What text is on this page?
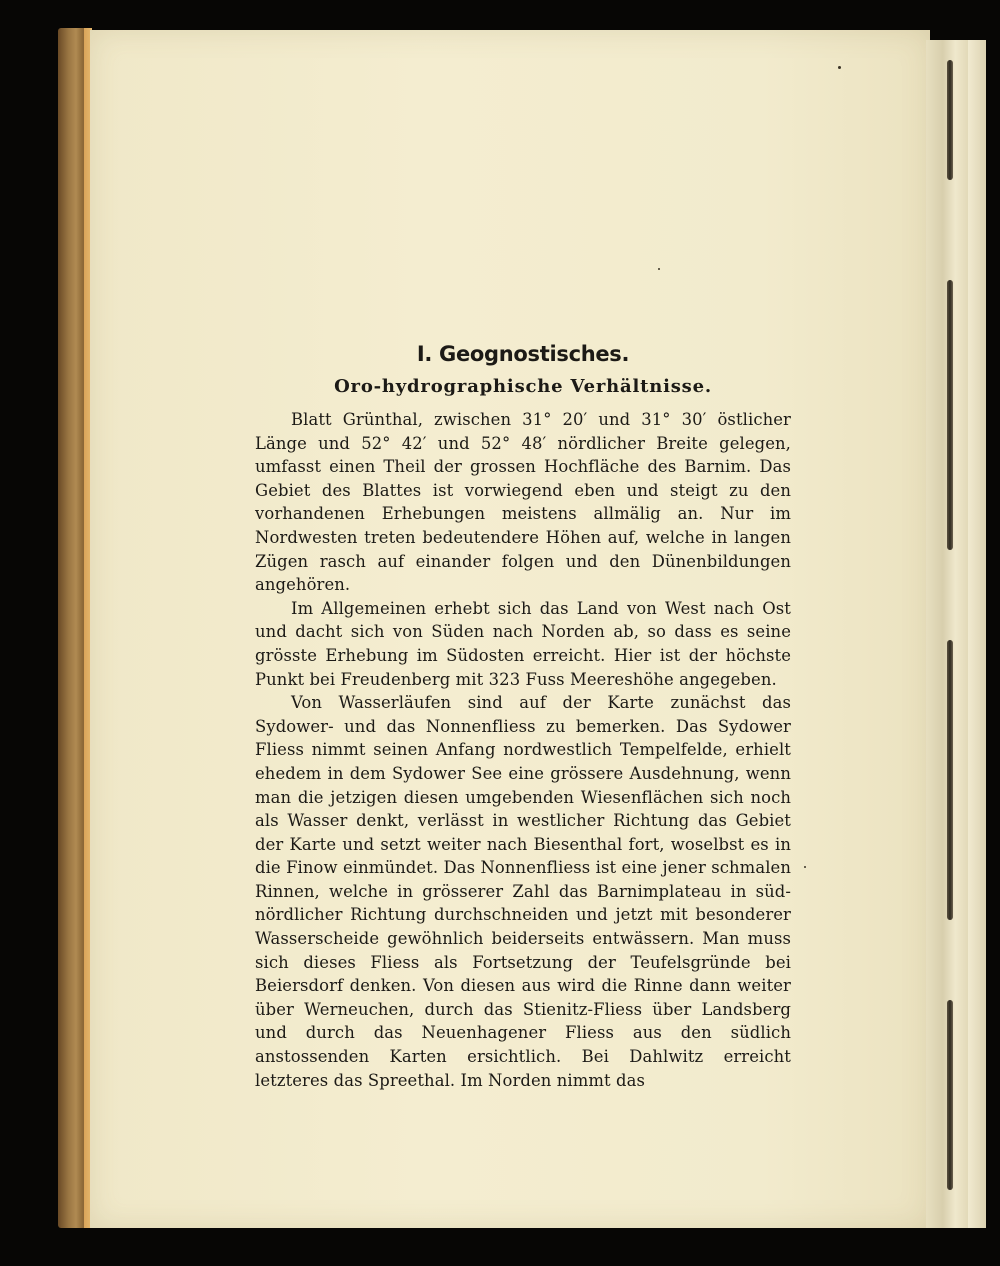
I. Geognostisches.
Oro-hydrographische Verhältnisse.

Blatt Grünthal, zwischen 31° 20′ und 31° 30′ östlicher Länge und 52° 42′ und 52° 48′ nördlicher Breite gelegen, umfasst einen Theil der grossen Hochfläche des Barnim. Das Gebiet des Blattes ist vorwiegend eben und steigt zu den vorhandenen Erhebungen meistens allmälig an. Nur im Nordwesten treten bedeutendere Höhen auf, welche in langen Zügen rasch auf einander folgen und den Dünenbildungen angehören.

Im Allgemeinen erhebt sich das Land von West nach Ost und dacht sich von Süden nach Norden ab, so dass es seine grösste Erhebung im Südosten erreicht. Hier ist der höchste Punkt bei Freudenberg mit 323 Fuss Meereshöhe angegeben.

Von Wasserläufen sind auf der Karte zunächst das Sydower- und das Nonnenfliess zu bemerken. Das Sydower Fliess nimmt seinen Anfang nordwestlich Tempelfelde, erhielt ehedem in dem Sydower See eine grössere Ausdehnung, wenn man die jetzigen diesen umgebenden Wiesenflächen sich noch als Wasser denkt, verlässt in westlicher Richtung das Gebiet der Karte und setzt weiter nach Biesenthal fort, woselbst es in die Finow einmündet. Das Nonnenfliess ist eine jener schmalen Rinnen, welche in grösserer Zahl das Barnimplateau in süd-nördlicher Richtung durchschneiden und jetzt mit besonderer Wasserscheide gewöhnlich beiderseits entwässern. Man muss sich dieses Fliess als Fortsetzung der Teufelsgründe bei Beiersdorf denken. Von diesen aus wird die Rinne dann weiter über Werneuchen, durch das Stienitz-Fliess über Landsberg und durch das Neuenhagener Fliess aus den südlich anstossenden Karten ersichtlich. Bei Dahlwitz erreicht letzteres das Spreethal. Im Norden nimmt das
